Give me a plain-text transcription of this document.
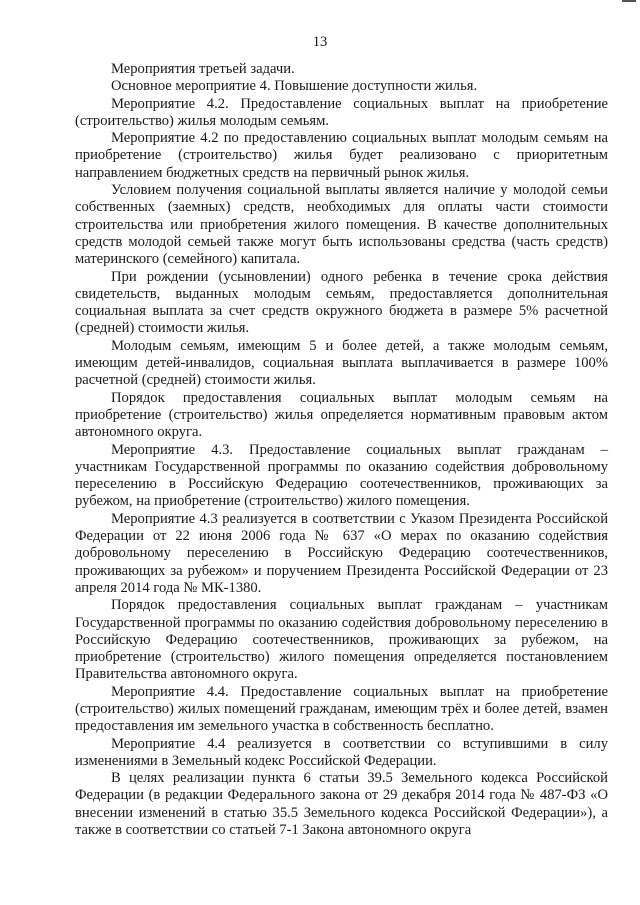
13

Мероприятия третьей задачи.

Основное мероприятие 4. Повышение доступности жилья.

Мероприятие 4.2. Предоставление социальных выплат на приобретение (строительство) жилья молодым семьям.

Мероприятие 4.2 по предоставлению социальных выплат молодым семьям на приобретение (строительство) жилья будет реализовано с приоритетным направлением бюджетных средств на первичный рынок жилья.

Условием получения социальной выплаты является наличие у молодой семьи собственных (заемных) средств, необходимых для оплаты части стоимости строительства или приобретения жилого помещения. В качестве дополнительных средств молодой семьей также могут быть использованы средства (часть средств) материнского (семейного) капитала.

При рождении (усыновлении) одного ребенка в течение срока действия свидетельств, выданных молодым семьям, предоставляется дополнительная социальная выплата за счет средств окружного бюджета в размере 5% расчетной (средней) стоимости жилья.

Молодым семьям, имеющим 5 и более детей, а также молодым семьям, имеющим детей-инвалидов, социальная выплата выплачивается в размере 100% расчетной (средней) стоимости жилья.

Порядок предоставления социальных выплат молодым семьям на приобретение (строительство) жилья определяется нормативным правовым актом автономного округа.

Мероприятие 4.3. Предоставление социальных выплат гражданам – участникам Государственной программы по оказанию содействия добровольному переселению в Российскую Федерацию соотечественников, проживающих за рубежом, на приобретение (строительство) жилого помещения.

Мероприятие 4.3 реализуется в соответствии с Указом Президента Российской Федерации от 22 июня 2006 года № 637 «О мерах по оказанию содействия добровольному переселению в Российскую Федерацию соотечественников, проживающих за рубежом» и поручением Президента Российской Федерации от 23 апреля 2014 года № МК-1380.

Порядок предоставления социальных выплат гражданам – участникам Государственной программы по оказанию содействия добровольному переселению в Российскую Федерацию соотечественников, проживающих за рубежом, на приобретение (строительство) жилого помещения определяется постановлением Правительства автономного округа.

Мероприятие 4.4. Предоставление социальных выплат на приобретение (строительство) жилых помещений гражданам, имеющим трёх и более детей, взамен предоставления им земельного участка в собственность бесплатно.

Мероприятие 4.4 реализуется в соответствии со вступившими в силу изменениями в Земельный кодекс Российской Федерации.

В целях реализации пункта 6 статьи 39.5 Земельного кодекса Российской Федерации (в редакции Федерального закона от 29 декабря 2014 года № 487-ФЗ «О внесении изменений в статью 35.5 Земельного кодекса Российской Федерации»), а также в соответствии со статьей 7-1 Закона автономного округа
